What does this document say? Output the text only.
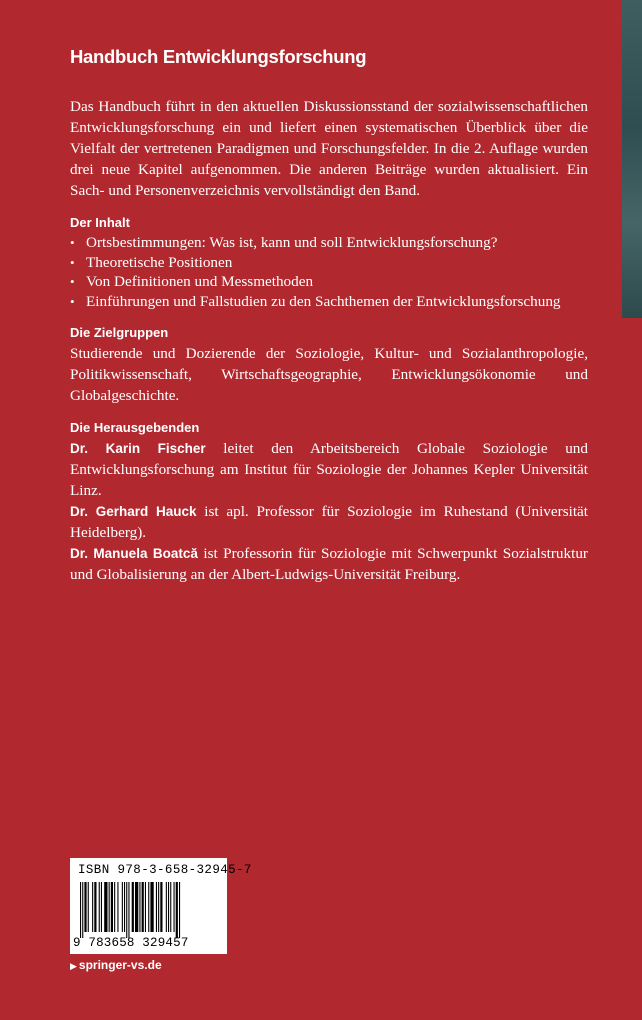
Handbuch Entwicklungsforschung

Das Handbuch führt in den aktuellen Diskussionsstand der sozialwissenschaftlichen Entwicklungsforschung ein und liefert einen systematischen Überblick über die Vielfalt der vertretenen Paradigmen und Forschungsfelder. In die 2. Auflage wurden drei neue Kapitel aufgenommen. Die anderen Beiträge wurden aktualisiert. Ein Sach- und Personenverzeichnis vervollständigt den Band.

Der Inhalt
• Ortsbestimmungen: Was ist, kann und soll Entwicklungsforschung?
• Theoretische Positionen
• Von Definitionen und Messmethoden
• Einführungen und Fallstudien zu den Sachthemen der Entwicklungsforschung
Die Zielgruppen

Studierende und Dozierende der Soziologie, Kultur- und Sozialanthropologie, Politikwissenschaft, Wirtschaftsgeographie, Entwicklungsökonomie und Globalgeschichte.

Die Herausgebenden

Dr. Karin Fischer leitet den Arbeitsbereich Globale Soziologie und Entwicklungsforschung am Institut für Soziologie der Johannes Kepler Universität Linz.

Dr. Gerhard Hauck ist apl. Professor für Soziologie im Ruhestand (Universität Heidelberg).

Dr. Manuela Boatcă ist Professorin für Soziologie mit Schwerpunkt Sozialstruktur und Globalisierung an der Albert-Ludwigs-Universität Freiburg.

ISBN 978-3-658-32945-7
9 783658 329457
▶ springer-vs.de
